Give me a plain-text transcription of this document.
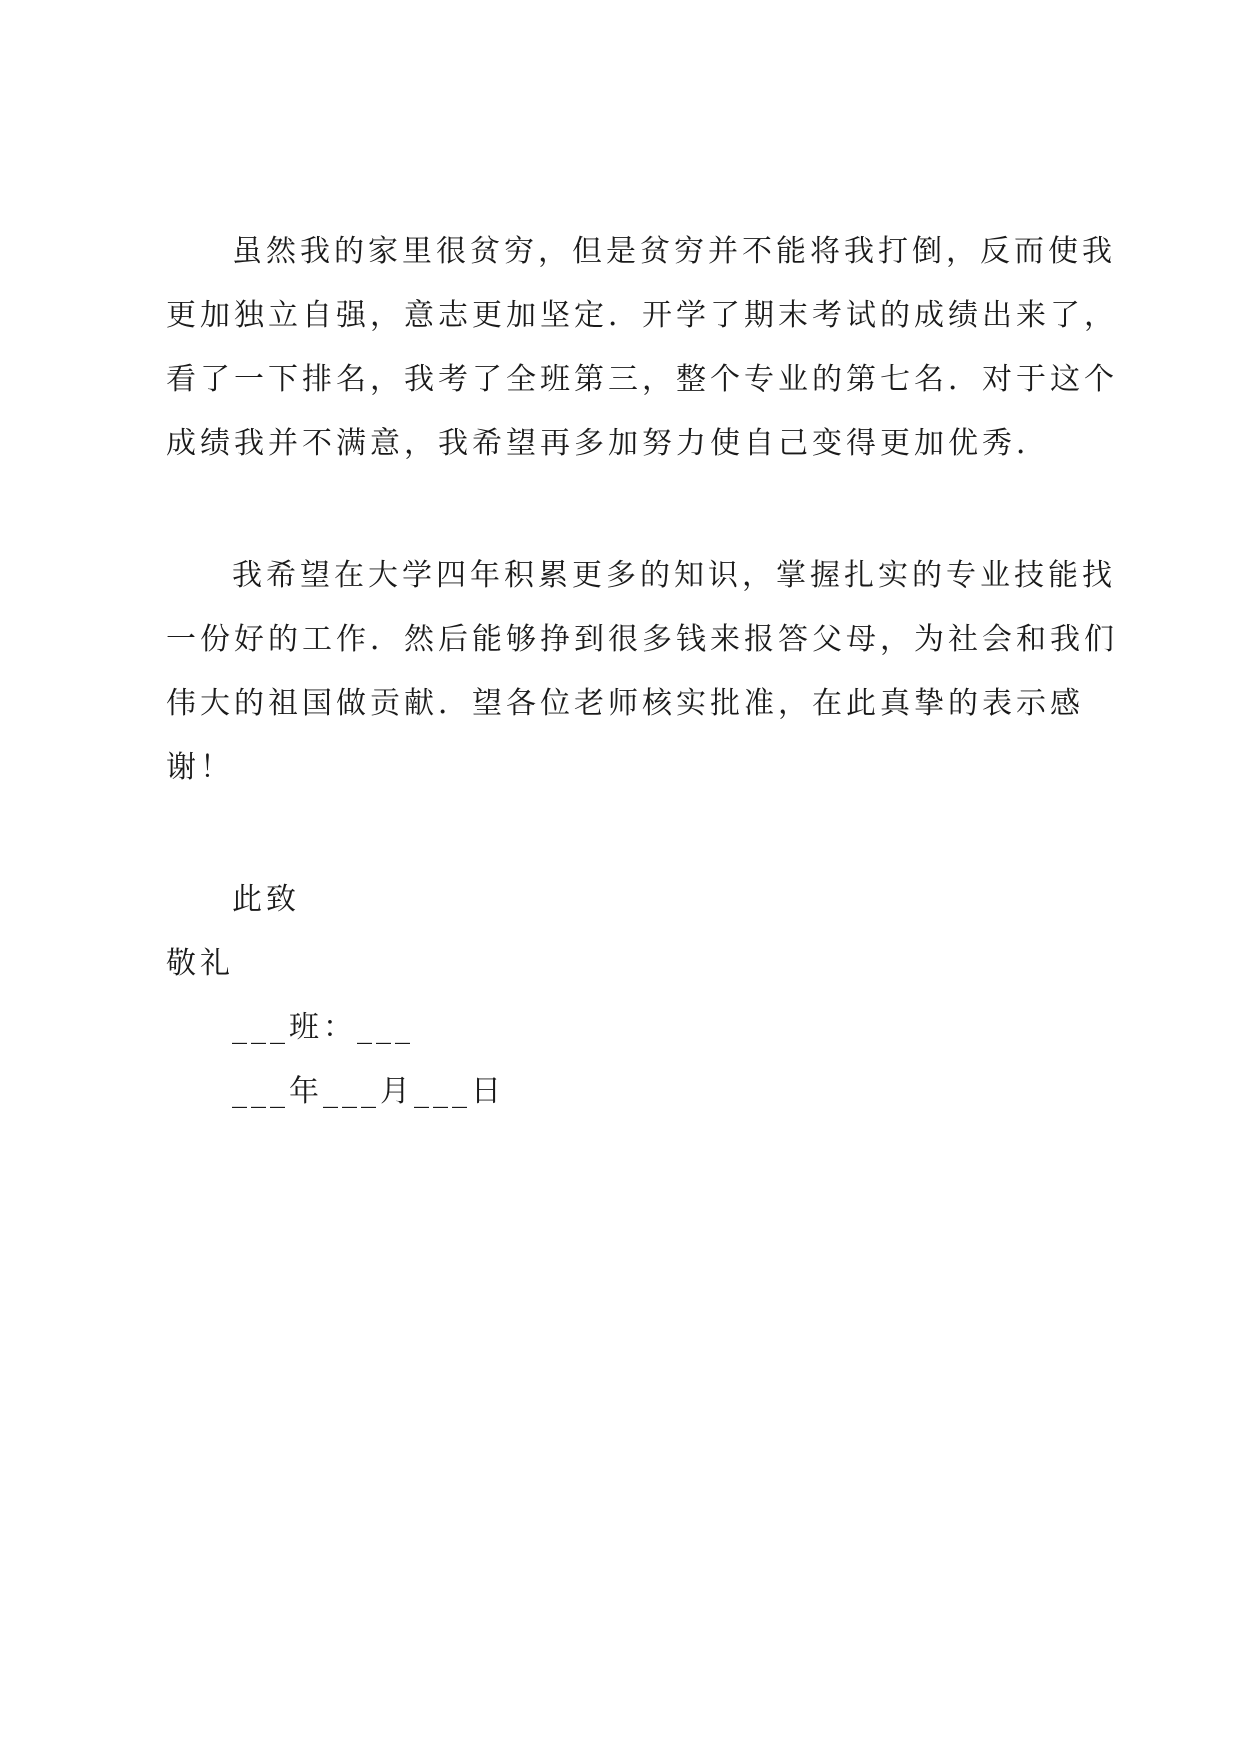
虽然我的家里很贫穷，但是贫穷并不能将我打倒，反而使我
更加独立自强，意志更加坚定．开学了期末考试的成绩出来了，
看了一下排名，我考了全班第三，整个专业的第七名．对于这个
成绩我并不满意，我希望再多加努力使自己变得更加优秀．
我希望在大学四年积累更多的知识，掌握扎实的专业技能找
一份好的工作．然后能够挣到很多钱来报答父母，为社会和我们
伟大的祖国做贡献．望各位老师核实批准，在此真挚的表示感
谢！
此致
敬礼
___班：___
___年___月___日
